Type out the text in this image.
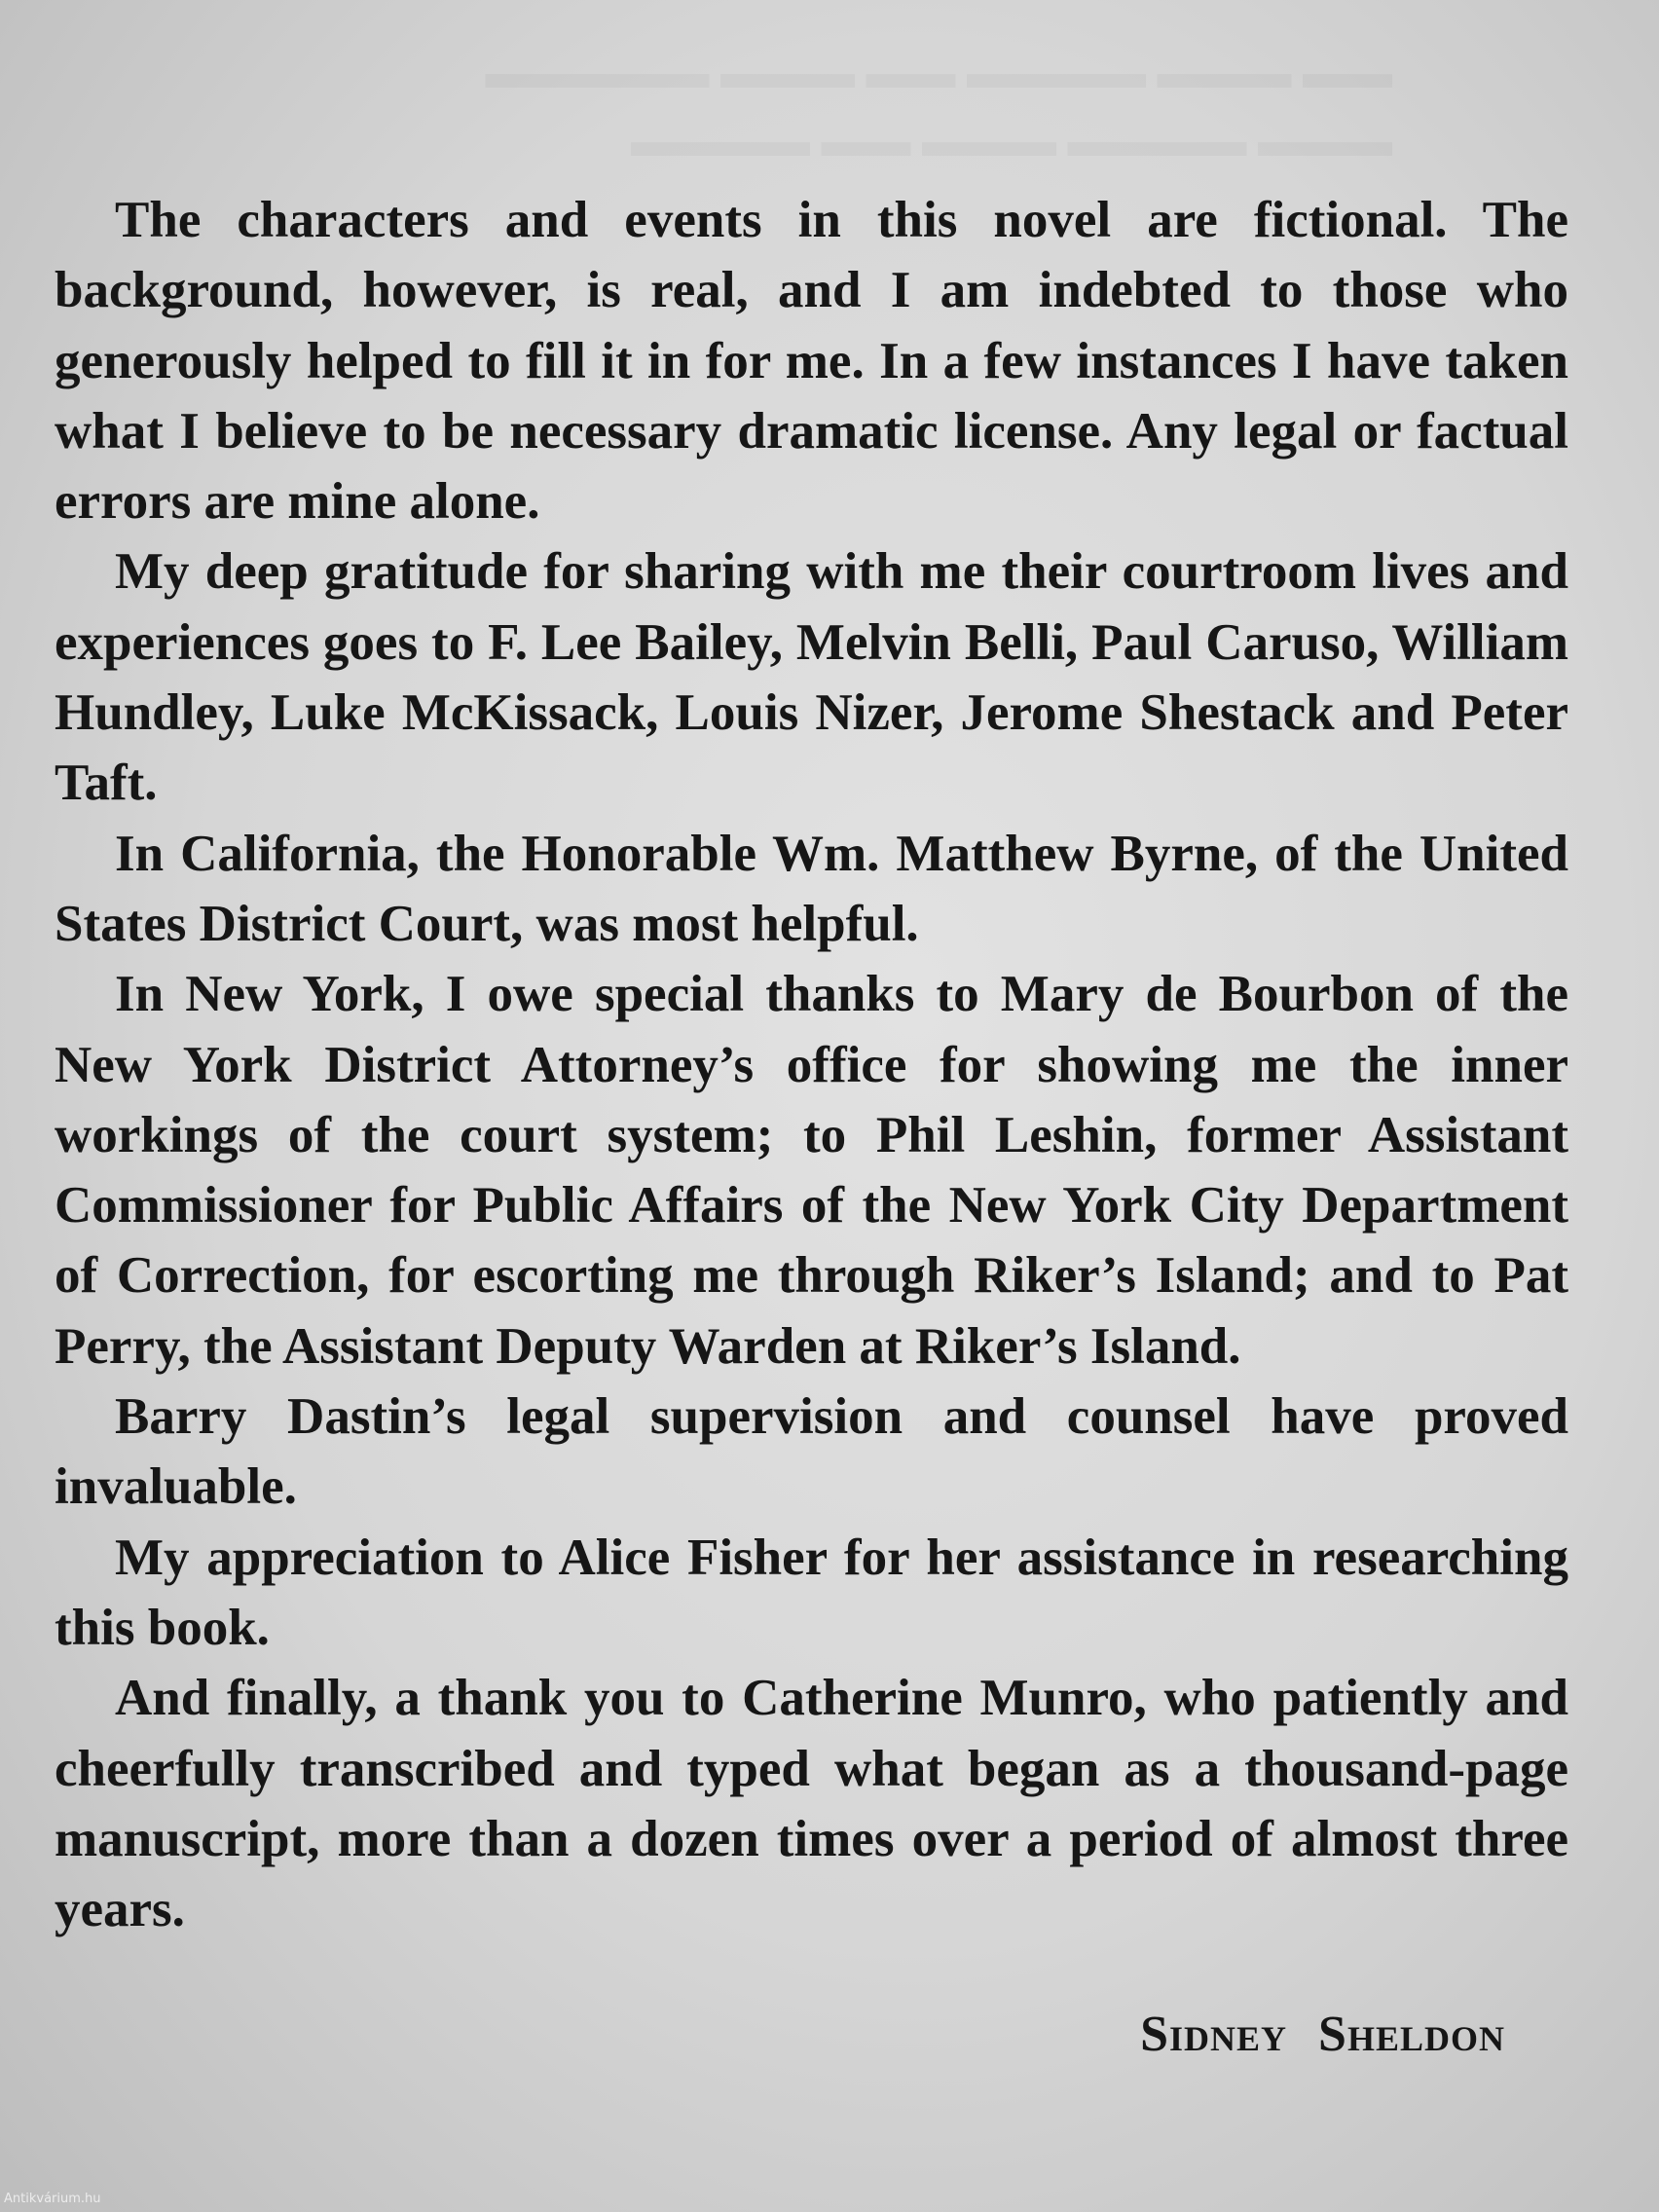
▬▬ ▬▬▬ ▬▬▬▬ ▬▬ ▬▬▬ ▬▬▬▬▬
▬▬▬ ▬▬▬▬ ▬▬▬ ▬▬ ▬▬▬▬

The characters and events in this novel are fictional. The background, however, is real, and I am indebted to those who generously helped to fill it in for me. In a few instances I have taken what I believe to be necessary dramatic license. Any legal or factual errors are mine alone.

My deep gratitude for sharing with me their courtroom lives and experiences goes to F. Lee Bailey, Melvin Belli, Paul Caruso, William Hundley, Luke McKissack, Louis Nizer, Jerome Shestack and Peter Taft.

In California, the Honorable Wm. Matthew Byrne, of the United States District Court, was most helpful.

In New York, I owe special thanks to Mary de Bourbon of the New York District Attorney’s office for showing me the inner workings of the court system; to Phil Leshin, former Assistant Commissioner for Public Affairs of the New York City Department of Correction, for escorting me through Riker’s Island; and to Pat Perry, the Assistant Deputy Warden at Riker’s Island.

Barry Dastin’s legal supervision and counsel have proved invaluable.

My appreciation to Alice Fisher for her assistance in researching this book.

And finally, a thank you to Catherine Munro, who patiently and cheerfully transcribed and typed what began as a thousand-page manuscript, more than a dozen times over a period of almost three years.

Sidney Sheldon
Antikvárium.hu
